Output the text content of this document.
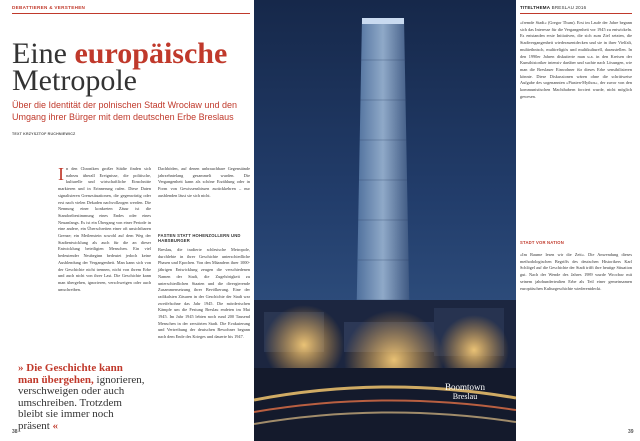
DEBATTIEREN & VERSTEHEN
Eine europäische
Metropole

Über die Identität der polnischen Stadt Wrocław und den Umgang ihrer Bürger mit dem deutschen Erbe Breslaus

TEXT KRZYSZTOF RUCHNIEWICZ

In den Chroniken großer Städte finden sich nahezu überall Ereignisse, die politische, kulturelle und wirtschaftliche Einschnitte markieren und in Erinnerung rufen. Diese Daten signalisieren Grenzsituationen, die gegenwärtig oder erst nach vielen Dekaden nachvollzogen werden. Die Nennung einer konkreten Zäsur ist die Standortbestimmung eines Endes oder eines Neuanfangs. Es ist ein Übergang von einer Periode in eine andere, ein Überschreiten einer oft unsichtbaren Grenze; ein Meilenstein sowohl auf dem Weg der Stadtentwicklung als auch für die an dieser Entwicklung beteiligten Menschen. Ein viel bedeutender Neubeginn bedeutet jedoch keine Ausblendung der Vergangenheit. Man kann sich von der Geschichte nicht trennen, nicht von ihrem Erbe und auch nicht von ihrer Last. Die Geschichte kann man übergehen, ignorieren, verschweigen oder auch umschreiben.

Dachböden, auf denen unbrauchbare Gegenstände jahrzehntelang gesammelt wurden. Die Vergangenheit kann als schöne Erzählung oder in Form von Gewissensbissen zurückkehren – nur ausblenden lässt sie sich nicht.

FASTEN STATT HOHENZOLLERN UND HABSBURGER

Breslau, die tradierte schlesische Metropole, durchlebte in ihrer Geschichte unterschiedliche Phasen und Epochen. Von den Mäandern ihrer 1000-jährigen Entwicklung zeugen die verschiedenen Namen der Stadt, die Zugehörigkeit zu unterschiedlichen Staaten und die divergierende Zusammensetzung ihrer Bevölkerung. Eine der radikalsten Zäsuren in der Geschichte der Stadt war zweifelsohne das Jahr 1945. Die mörderischen Kämpfe um die Festung Breslau endeten im Mai 1945. Im Jahr 1945 lebten noch rund 200 Tausend Menschen in der zerstörten Stadt. Die Evakuierung und Vertreibung der deutschen Bewohner begann nach dem Ende des Krieges und dauerte bis 1947.

» Die Geschichte kann man übergehen, ignorieren, verschweigen oder auch umschreiben. Trotzdem bleibt sie immer noch präsent «

38
Boomtown
Breslau
TITELTHEMA BRESLAU 2016

»fremde Stadt« (Gregor Thum). Erst im Laufe der Jahre begann sich das Interesse für die Vergangenheit vor 1945 zu entwickeln. Es entstanden erste Initiativen, die sich zum Ziel setzten, die Stadtvergangenheit wiederzuentdecken und sie in ihrer Vielfalt, multiethnisch, multireligiös und multikulturell, darzustellen. In den 1990er Jahren diskutierte man u.a. in den Kreisen der Kunsthistoriker intensiv darüber und suchte nach Lösungen, wie man die Breslauer Einwohner für dieses Erbe sensibilisieren könnte. Diese Diskussionen wären ohne die schrittweise Aufgabe des sogenannten »Piasten-Mythos«, der zuvor von den kommunistischen Machthabern forciert wurde, nicht möglich gewesen.

STADT VOR NATION

»Im Raume lesen wir die Zeit«. Die Anwendung dieses methodologischen Begriffs des deutschen Historikers Karl Schlögel auf die Geschichte der Stadt trifft ihre heutige Situation gut. Nach der Wende des Jahres 1989 wurde Wrocław mit seinem jahrhundertealten Erbe als Teil einer gemeinsamen europäischen Kulturgeschichte wiederentdeckt.

39
